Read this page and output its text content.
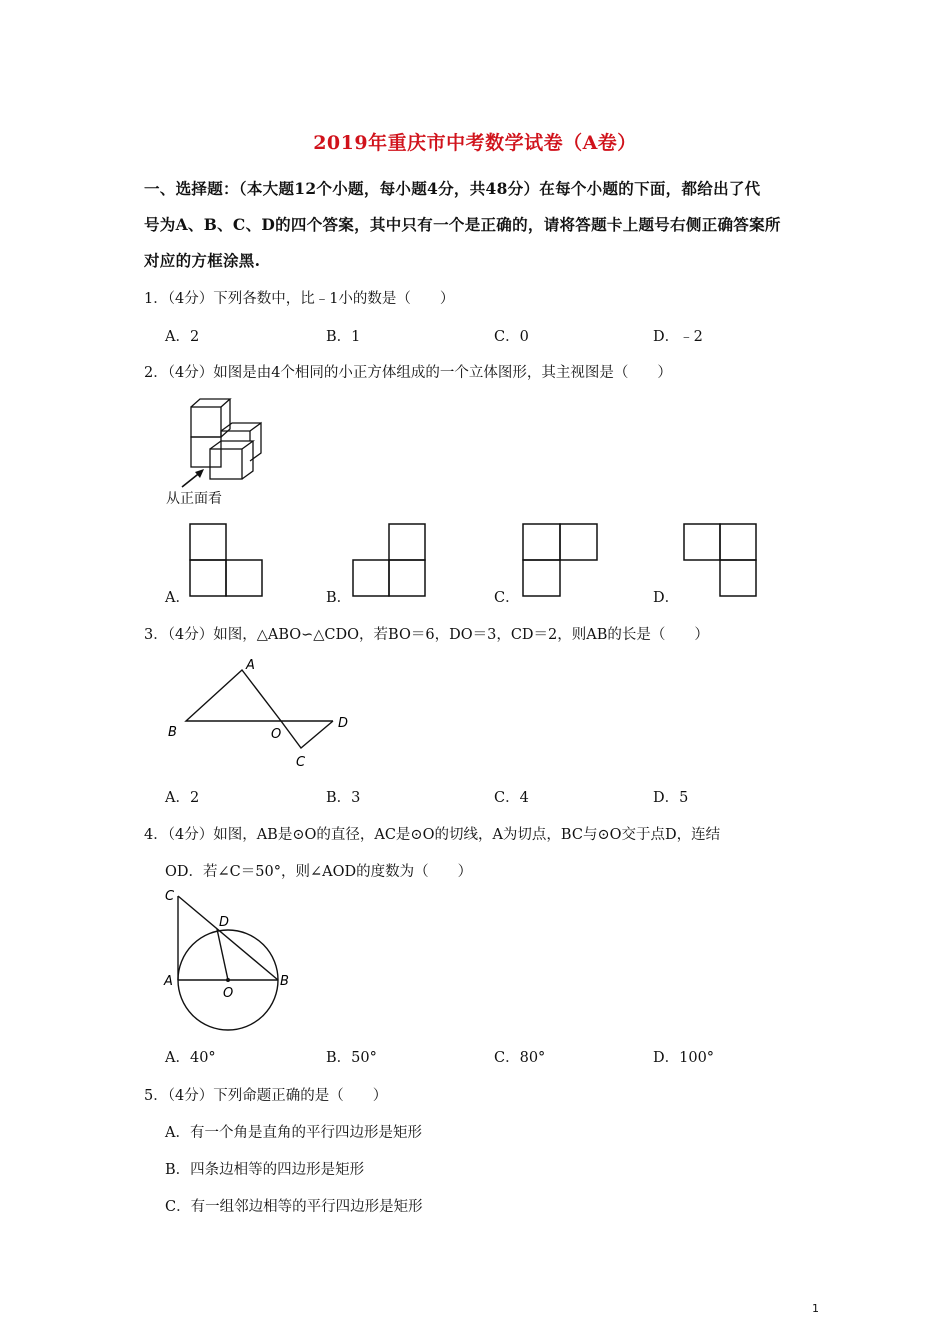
2019年重庆市中考数学试卷（A卷）
一、选择题：（本大题12个小题，每小题4分，共48分）在每个小题的下面，都给出了代
号为A、B、C、D的四个答案，其中只有一个是正确的，请将答题卡上题号右侧正确答案所
对应的方框涂黑.
1．（4分）下列各数中，比﹣1小的数是（　　）
A．2	B．1	C．0	D．﹣2
2．（4分）如图是由4个相同的小正方体组成的一个立体图形，其主视图是（　　）
从正面看
A．	B．	C．	D．
3．（4分）如图，△ABO∽△CDO，若BO＝6，DO＝3，CD＝2，则AB的长是（　　）
A
B	O
C
D
A．2	B．3	C．4	D．5
4．（4分）如图，AB是⊙O的直径，AC是⊙O的切线，A为切点，BC与⊙O交于点D，连结
OD．若∠C＝50°，则∠AOD的度数为（　　）
C
D
A
O
B
A．40°	B．50°	C．80°	D．100°
5．（4分）下列命题正确的是（　　）
A．有一个角是直角的平行四边形是矩形
B．四条边相等的四边形是矩形
C．有一组邻边相等的平行四边形是矩形
1
